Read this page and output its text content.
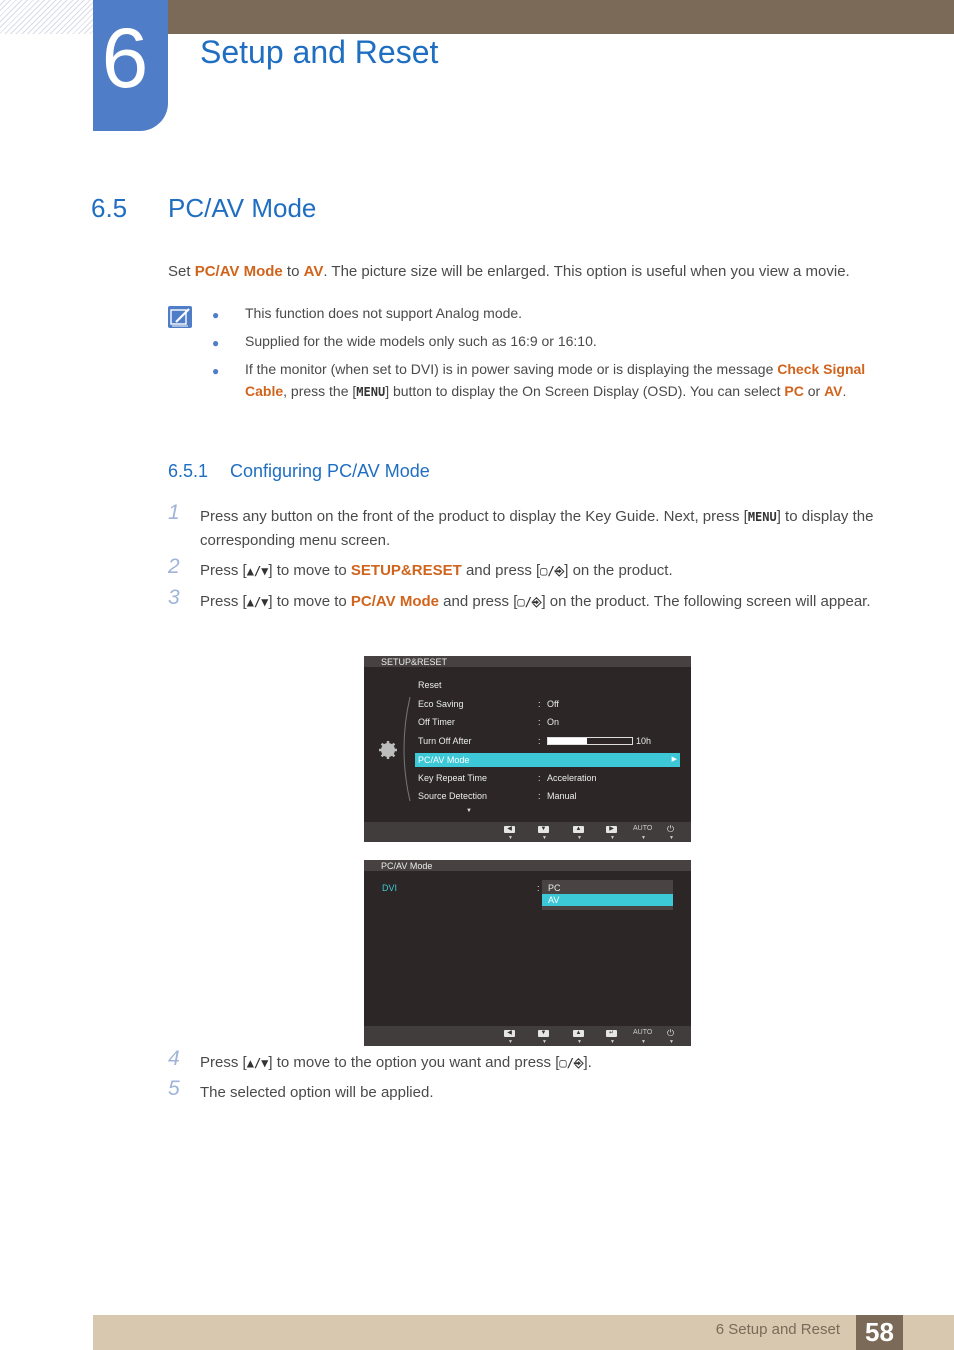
6 Setup and Reset
6.5 PC/AV Mode
Set PC/AV Mode to AV. The picture size will be enlarged. This option is useful when you view a movie.
● This function does not support Analog mode.
● Supplied for the wide models only such as 16:9 or 16:10.
● If the monitor (when set to DVI) is in power saving mode or is displaying the message Check Signal Cable, press the [MENU] button to display the On Screen Display (OSD). You can select PC or AV.
6.5.1 Configuring PC/AV Mode
1 Press any button on the front of the product to display the Key Guide. Next, press [MENU] to display the corresponding menu screen.
2 Press [▲/▼] to move to SETUP&RESET and press [▢/⎆] on the product.
3 Press [▲/▼] to move to PC/AV Mode and press [▢/⎆] on the product. The following screen will appear.
SETUP&RESET
Reset
Eco Saving	: Off
Off Timer	: On
Turn Off After	:	10h
PC/AV Mode	▶
Key Repeat Time	: Acceleration
Source Detection	: Manual
▼
◀
▼
▼
▼
▲
▼
▶
▼
AUTO
▼
⏻
▼
PC/AV Mode
DVI	: PC
AV
◀
▼
▼
▼
▲
▼
↵
▼
AUTO
▼
⏻
▼
4 Press [▲/▼] to move to the option you want and press [▢/⎆].
5 The selected option will be applied.
6 Setup and Reset 58
